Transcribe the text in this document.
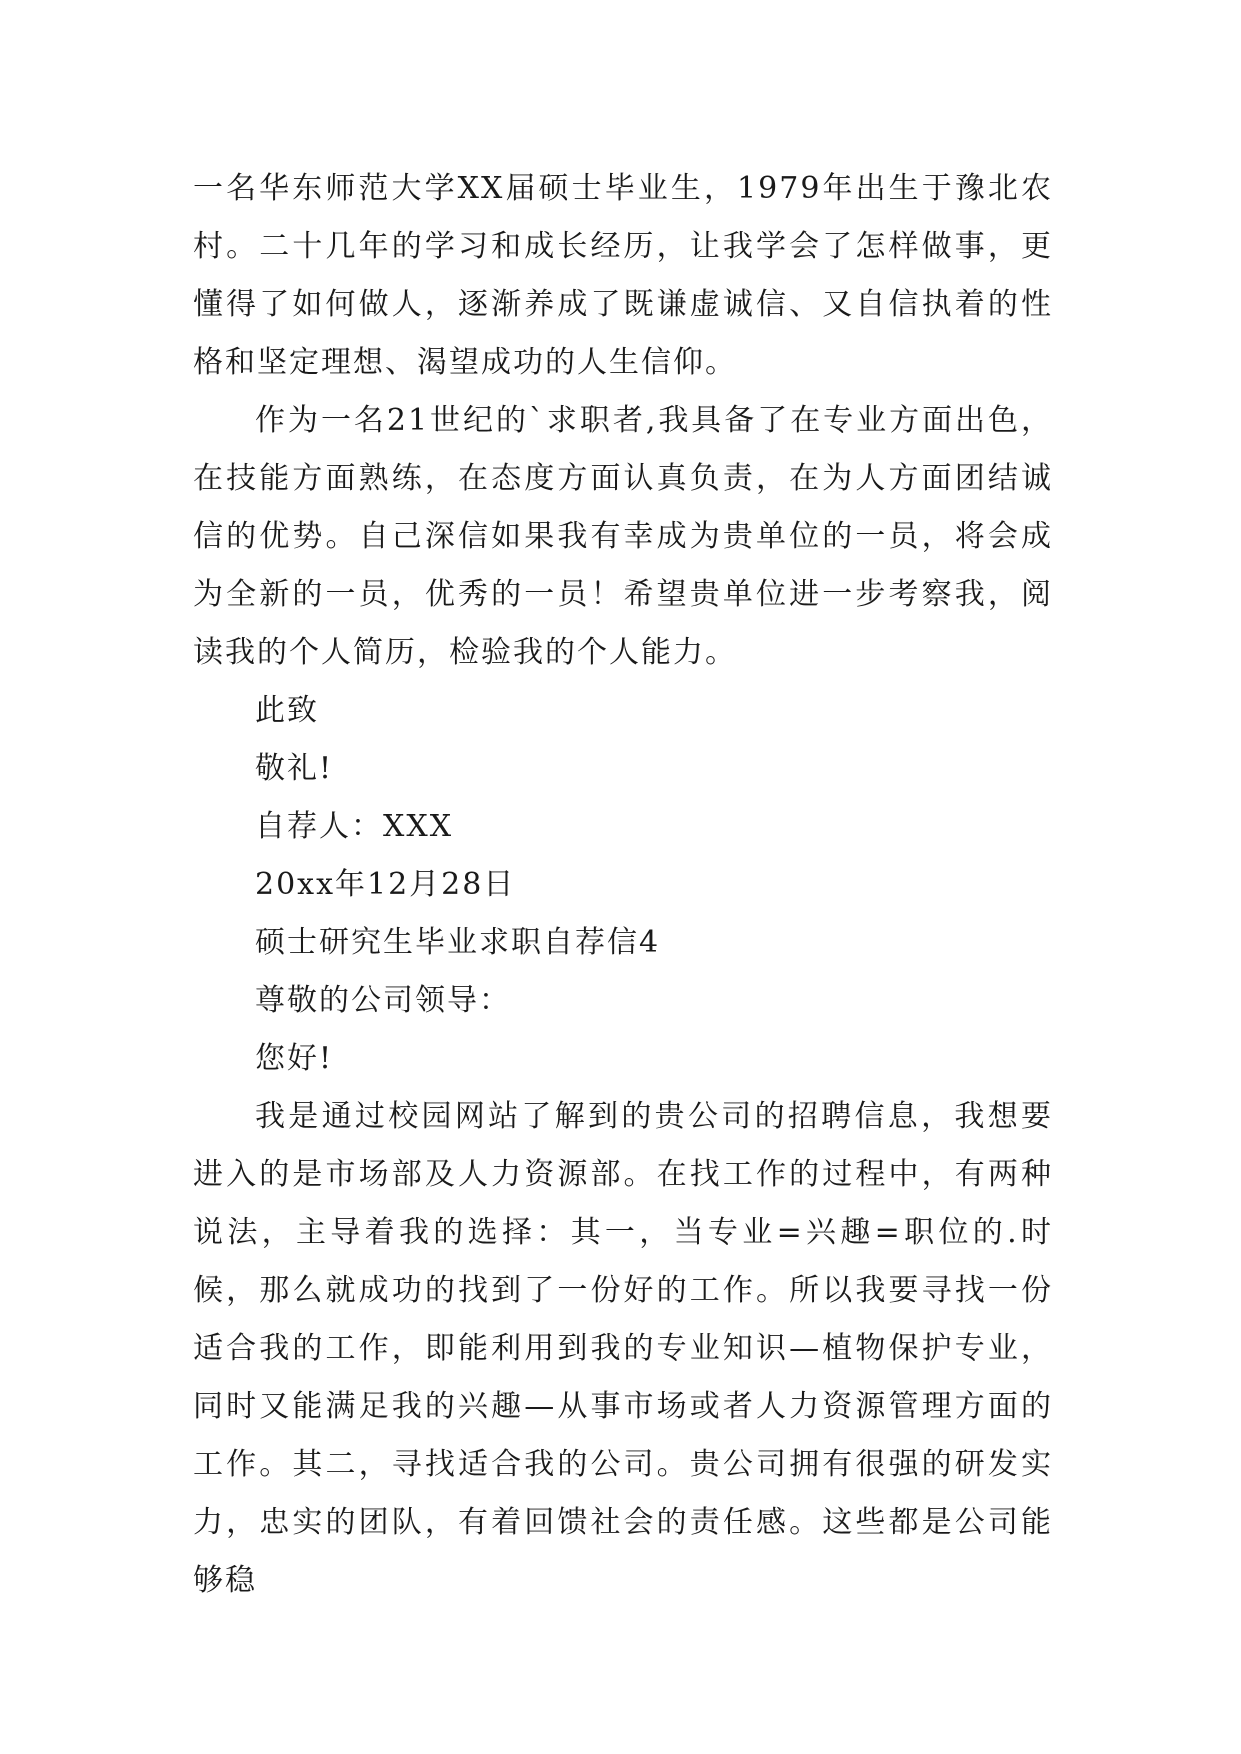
一名华东师范大学XX届硕士毕业生，1979年出生于豫北农村。二十几年的学习和成长经历，让我学会了怎样做事，更懂得了如何做人，逐渐养成了既谦虚诚信、又自信执着的性格和坚定理想、渴望成功的人生信仰。

作为一名21世纪的`求职者,我具备了在专业方面出色，在技能方面熟练，在态度方面认真负责，在为人方面团结诚信的优势。自己深信如果我有幸成为贵单位的一员，将会成为全新的一员，优秀的一员！希望贵单位进一步考察我，阅读我的个人简历，检验我的个人能力。

此致

敬礼!

自荐人：XXX

20xx年12月28日

硕士研究生毕业求职自荐信4

尊敬的公司领导：

您好!

我是通过校园网站了解到的贵公司的招聘信息，我想要进入的是市场部及人力资源部。在找工作的过程中，有两种说法，主导着我的选择：其一，当专业=兴趣=职位的.时候，那么就成功的找到了一份好的工作。所以我要寻找一份适合我的工作，即能利用到我的专业知识—植物保护专业，同时又能满足我的兴趣—从事市场或者人力资源管理方面的工作。其二，寻找适合我的公司。贵公司拥有很强的研发实力，忠实的团队，有着回馈社会的责任感。这些都是公司能够稳
